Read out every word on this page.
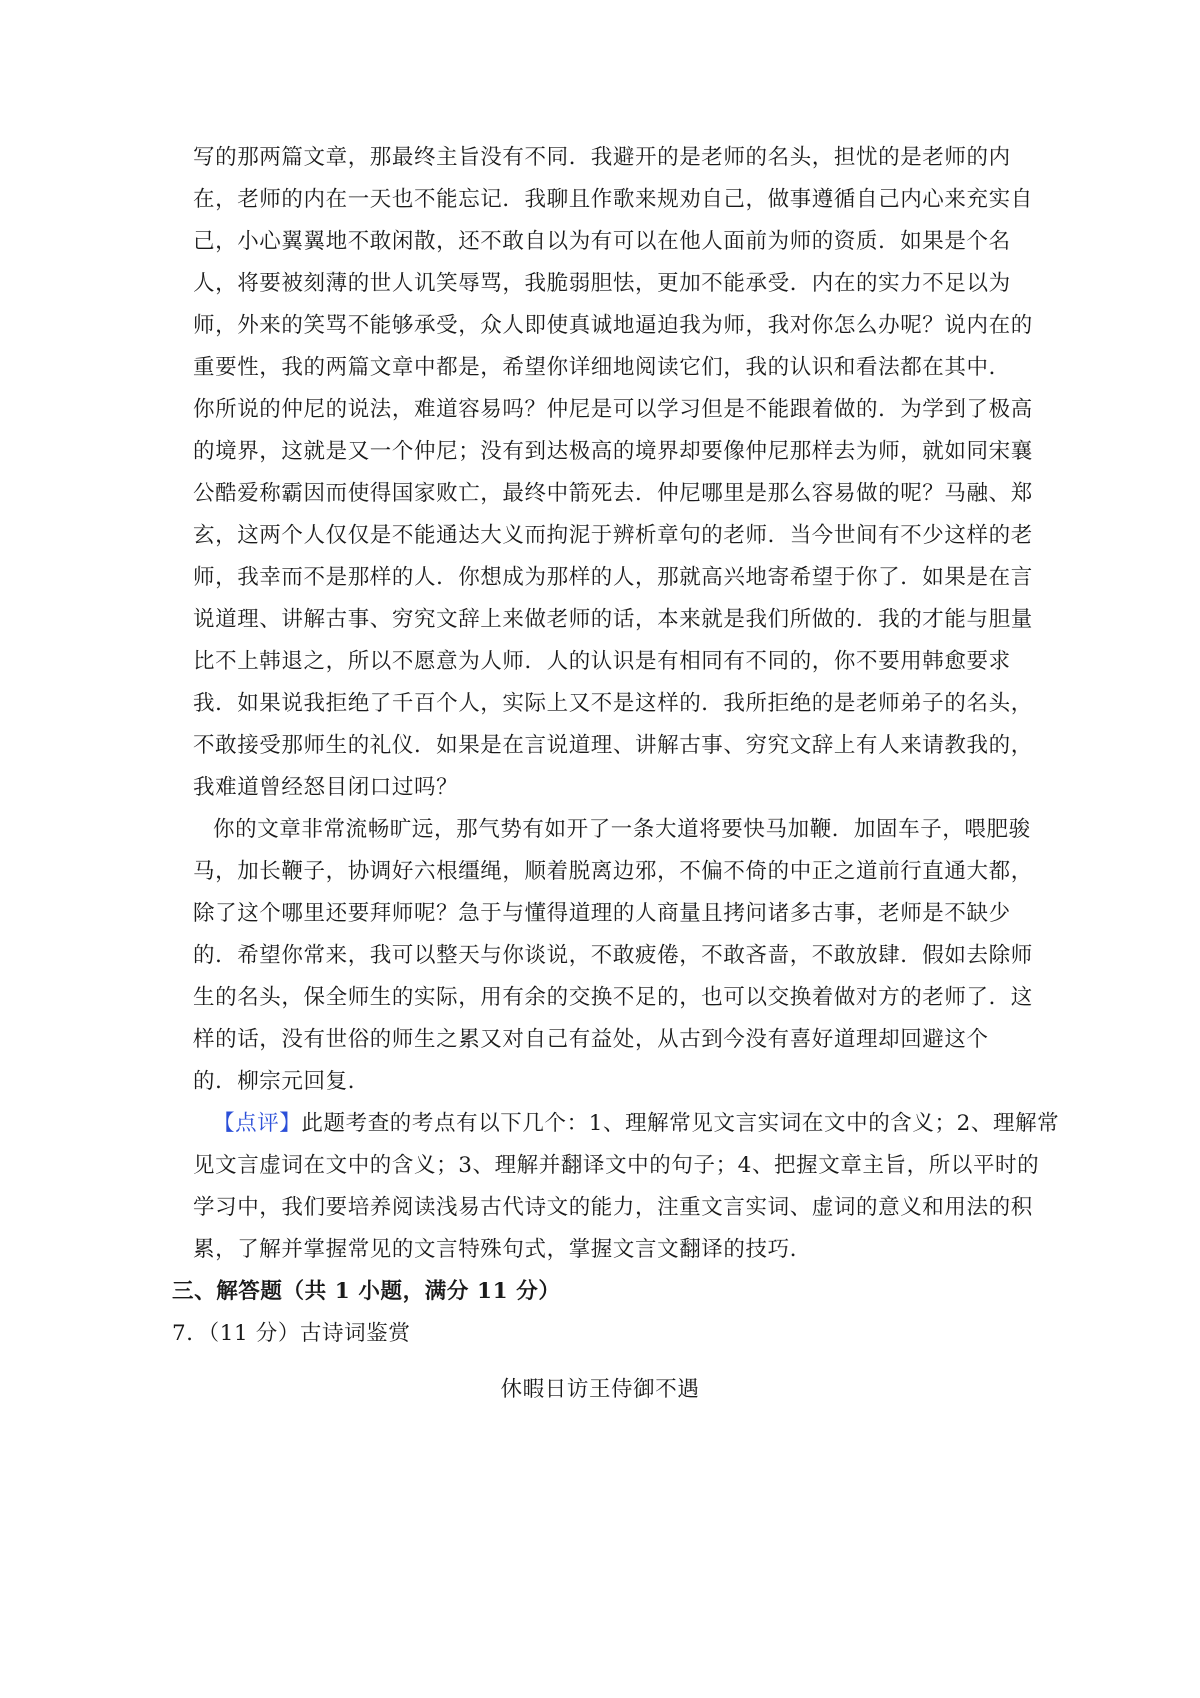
写的那两篇文章，那最终主旨没有不同．我避开的是老师的名头，担忧的是老师的内
在，老师的内在一天也不能忘记．我聊且作歌来规劝自己，做事遵循自己内心来充实自
己，小心翼翼地不敢闲散，还不敢自以为有可以在他人面前为师的资质．如果是个名
人，将要被刻薄的世人讥笑辱骂，我脆弱胆怯，更加不能承受．内在的实力不足以为
师，外来的笑骂不能够承受，众人即使真诚地逼迫我为师，我对你怎么办呢？说内在的
重要性，我的两篇文章中都是，希望你详细地阅读它们，我的认识和看法都在其中．
你所说的仲尼的说法，难道容易吗？仲尼是可以学习但是不能跟着做的．为学到了极高
的境界，这就是又一个仲尼；没有到达极高的境界却要像仲尼那样去为师，就如同宋襄
公酷爱称霸因而使得国家败亡，最终中箭死去．仲尼哪里是那么容易做的呢？马融、郑
玄，这两个人仅仅是不能通达大义而拘泥于辨析章句的老师．当今世间有不少这样的老
师，我幸而不是那样的人．你想成为那样的人，那就高兴地寄希望于你了．如果是在言
说道理、讲解古事、穷究文辞上来做老师的话，本来就是我们所做的．我的才能与胆量
比不上韩退之，所以不愿意为人师．人的认识是有相同有不同的，你不要用韩愈要求
我．如果说我拒绝了千百个人，实际上又不是这样的．我所拒绝的是老师弟子的名头，
不敢接受那师生的礼仪．如果是在言说道理、讲解古事、穷究文辞上有人来请教我的，
我难道曾经怒目闭口过吗？
你的文章非常流畅旷远，那气势有如开了一条大道将要快马加鞭．加固车子，喂肥骏
马，加长鞭子，协调好六根缰绳，顺着脱离边邪，不偏不倚的中正之道前行直通大都，
除了这个哪里还要拜师呢？急于与懂得道理的人商量且拷问诸多古事，老师是不缺少
的．希望你常来，我可以整天与你谈说，不敢疲倦，不敢吝啬，不敢放肆．假如去除师
生的名头，保全师生的实际，用有余的交换不足的，也可以交换着做对方的老师了．这
样的话，没有世俗的师生之累又对自己有益处，从古到今没有喜好道理却回避这个
的．柳宗元回复．
【点评】此题考查的考点有以下几个：1、理解常见文言实词在文中的含义；2、理解常
见文言虚词在文中的含义；3、理解并翻译文中的句子；4、把握文章主旨，所以平时的
学习中，我们要培养阅读浅易古代诗文的能力，注重文言实词、虚词的意义和用法的积
累，了解并掌握常见的文言特殊句式，掌握文言文翻译的技巧．
三、解答题（共 1 小题，满分 11 分）
7．（11 分）古诗词鉴赏
休暇日访王侍御不遇
